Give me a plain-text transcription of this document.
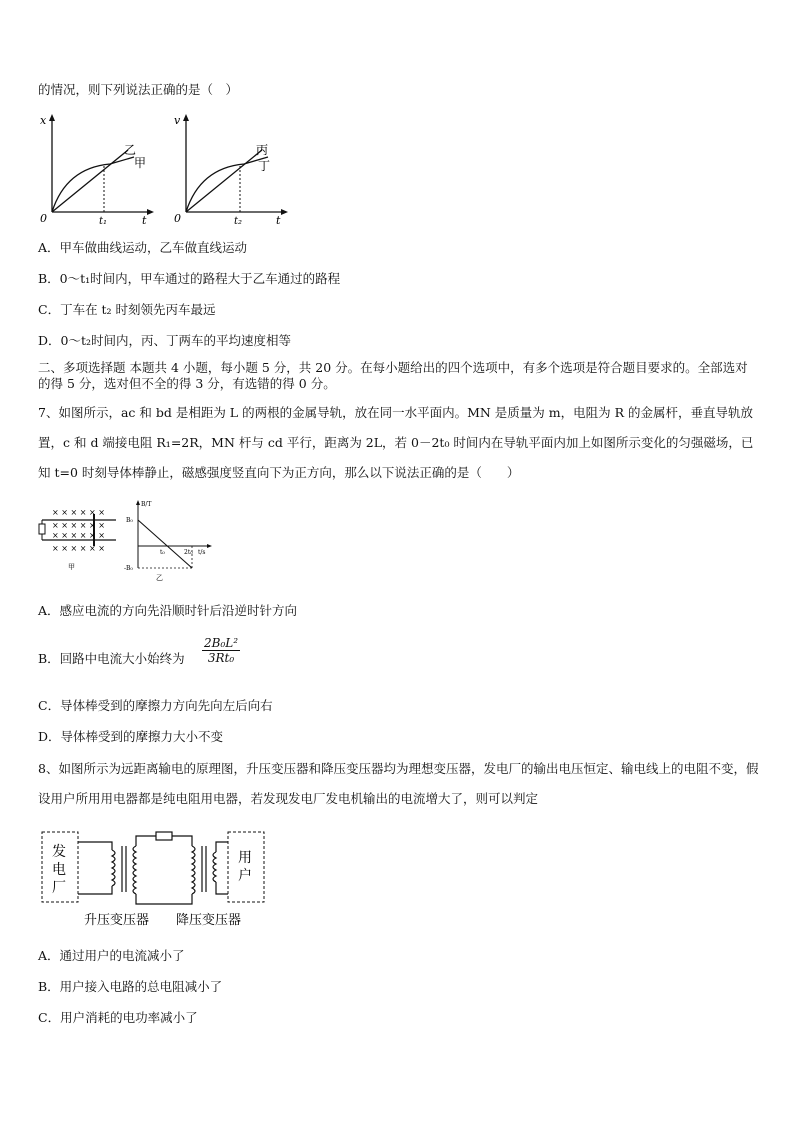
的情况，则下列说法正确的是（　）
x
t
0	t₁
乙
甲
v
t
0	t₂
丙
丁
A．甲车做曲线运动，乙车做直线运动
B．0～t₁时间内，甲车通过的路程大于乙车通过的路程
C．丁车在 t₂ 时刻领先丙车最远
D．0～t₂时间内，丙、丁两车的平均速度相等
二、多项选择题 本题共 4 小题，每小题 5 分，共 20 分。在每小题给出的四个选项中，有多个选项是符合题目要求的。全部选对的得 5 分，选对但不全的得 3 分，有选错的得 0 分。
7、如图所示，ac 和 bd 是相距为 L 的两根的金属导轨，放在同一水平面内。MN 是质量为 m，电阻为 R 的金属杆，垂直导轨放置，c 和 d 端接电阻 R₁=2R，MN 杆与 cd 平行，距离为 2L，若 0－2t₀ 时间内在导轨平面内加上如图所示变化的匀强磁场，已知 t=0 时刻导体棒静止，磁感强度竖直向下为正方向，那么以下说法正确的是（　　）
× × × × × ×
× × × × × ×
× × × × × ×
× × × × × ×
甲
B/T
t/s
B₀
-B₀
t₀	2t₀
乙
A．感应电流的方向先沿顺时针后沿逆时针方向
B．回路中电流大小始终为 $\frac{\text{2B₀L²}}{\text{3Rt₀}}$
C．导体棒受到的摩擦力方向先向左后向右
D．导体棒受到的摩擦力大小不变
8、如图所示为远距离输电的原理图，升压变压器和降压变压器均为理想变压器，发电厂的输出电压恒定、输电线上的电阻不变，假设用户所用用电器都是纯电阻用电器，若发现发电厂发电机输出的电流增大了，则可以判定
发
电
厂
用
户
升压变压器 降压变压器
A．通过用户的电流减小了
B．用户接入电路的总电阻减小了
C．用户消耗的电功率减小了
